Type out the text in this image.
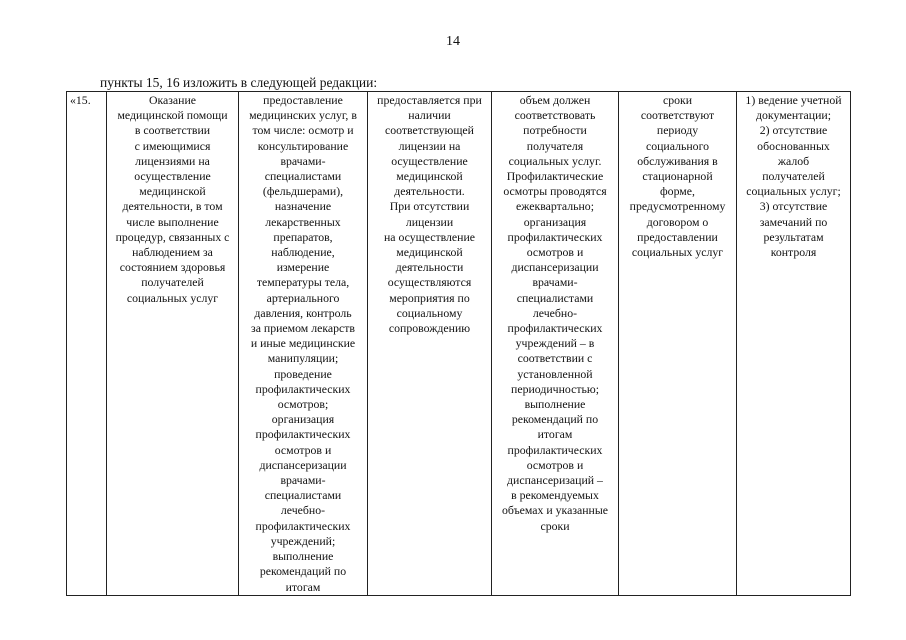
14
пункты 15, 16 изложить в следующей редакции:
«15.	Оказание
медицинской помощи
в соответствии
с имеющимися
лицензиями на
осуществление
медицинской
деятельности, в том
числе выполнение
процедур, связанных с
наблюдением за
состоянием здоровья
получателей
социальных услуг	предоставление
медицинских услуг, в
том числе: осмотр и
консультирование
врачами-
специалистами
(фельдшерами),
назначение
лекарственных
препаратов,
наблюдение,
измерение
температуры тела,
артериального
давления, контроль
за приемом лекарств
и иные медицинские
манипуляции;
проведение
профилактических
осмотров;
организация
профилактических
осмотров и
диспансеризации
врачами-
специалистами
лечебно-
профилактических
учреждений;
выполнение
рекомендаций по
итогам	предоставляется при
наличии
соответствующей
лицензии на
осуществление
медицинской
деятельности.
При отсутствии
лицензии
на осуществление
медицинской
деятельности
осуществляются
мероприятия по
социальному
сопровождению	объем должен
соответствовать
потребности
получателя
социальных услуг.
Профилактические
осмотры проводятся
ежеквартально;
организация
профилактических
осмотров и
диспансеризации
врачами-
специалистами
лечебно-
профилактических
учреждений – в
соответствии с
установленной
периодичностью;
выполнение
рекомендаций по
итогам
профилактических
осмотров и
диспансеризаций –
в рекомендуемых
объемах и указанные
сроки	сроки
соответствуют
периоду
социального
обслуживания в
стационарной
форме,
предусмотренному
договором о
предоставлении
социальных услуг	1) ведение учетной
документации;
2) отсутствие
обоснованных
жалоб
получателей
социальных услуг;
3) отсутствие
замечаний по
результатам
контроля
